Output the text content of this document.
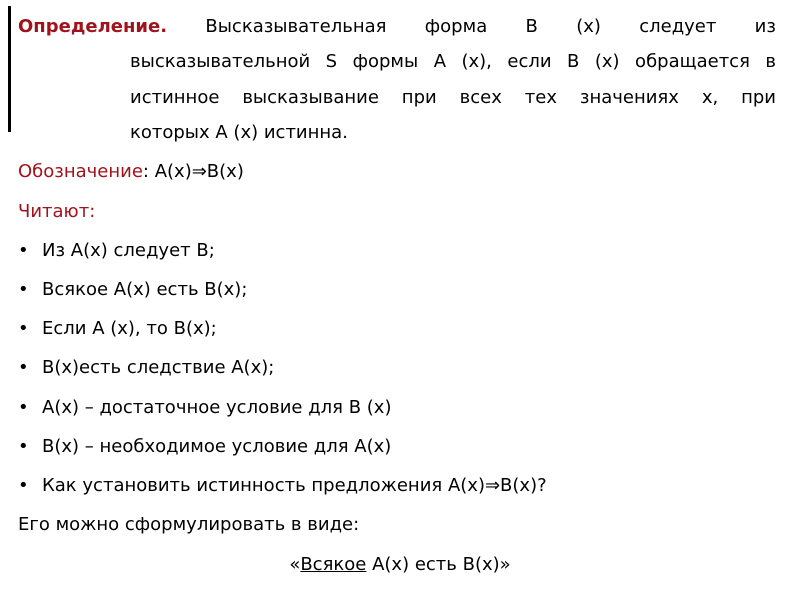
Определение. Высказывательная форма В (х) следует из
высказывательной S формы А (х), если В (х) обращается в
истинное высказывание при всех тех значениях х, при
которых А (х) истинна.
Обозначение: А(х)⇒В(х)
Читают:
• Из А(х) следует В;
• Всякое А(х) есть В(х);
• Если А (х), то В(х);
• В(х)есть следствие А(х);
• А(х) – достаточное условие для В (х)
• В(х) – необходимое условие для А(х)
• Как установить истинность предложения А(х)⇒В(х)?
Его можно сформулировать в виде:
«Всякое А(х) есть В(х)»
